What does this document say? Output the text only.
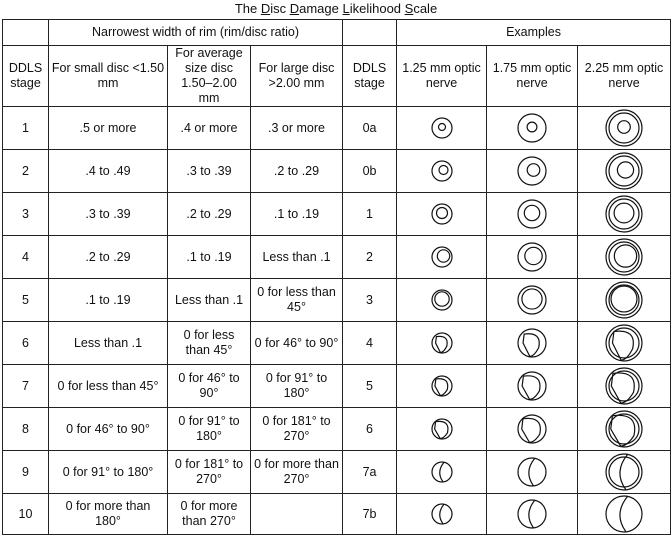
The Disc Damage Likelihood Scale
	Narrowest width of rim (rim/disc ratio)				Examples		
DDLS stage	For small disc <1.50 mm	For average size disc 1.50–2.00 mm	For large disc >2.00 mm	DDLS stage	1.25 mm optic nerve	1.75 mm optic nerve	2.25 mm optic nerve
1	.5 or more	.4 or more	.3 or more	0a	

2	.4 to .49	.3 to .39	.2 to .29	0b	

3	.3 to .39	.2 to .29	.1 to .19	1	

4	.2 to .29	.1 to .19	Less than .1	2	

5	.1 to .19	Less than .1	0 for less than 45°	3	

6	Less than .1	0 for less than 45°	0 for 46° to 90°	4	

7	0 for less than 45°	0 for 46° to 90°	0 for 91° to 180°	5	

8	0 for 46° to 90°	0 for 91° to 180°	0 for 181° to 270°	6	

9	0 for 91° to 180°	0 for 181° to 270°	0 for more than 270°	7a	

10	0 for more than 180°	0 for more than 270°		7b	
